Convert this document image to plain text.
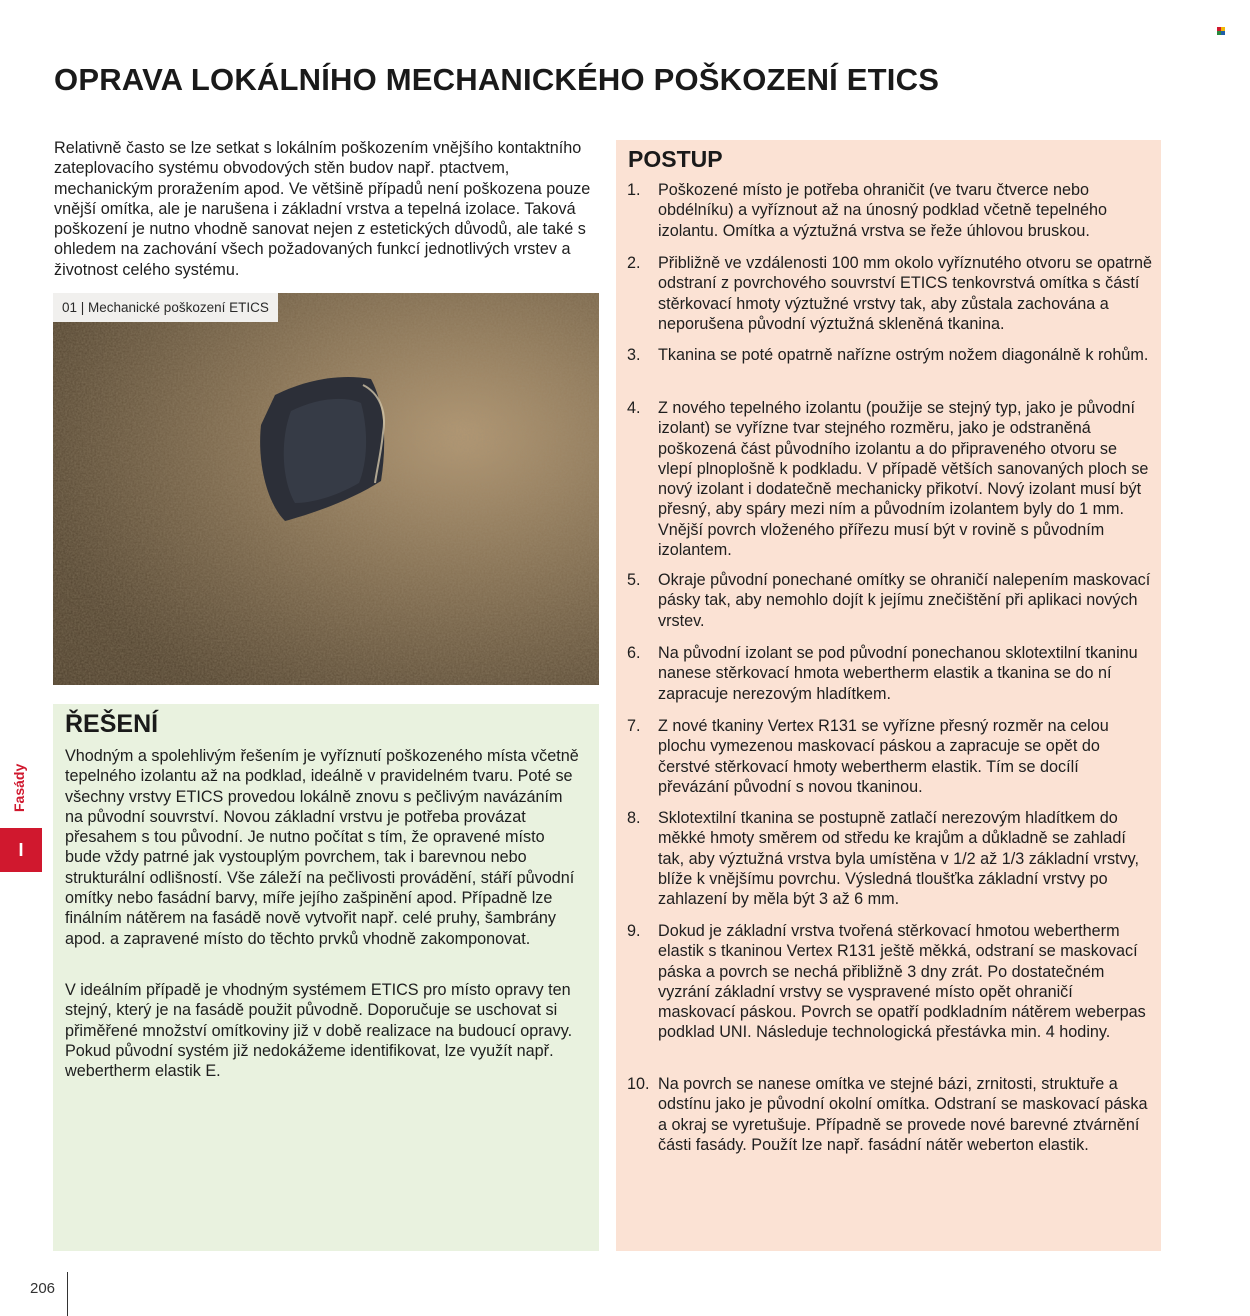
OPRAVA LOKÁLNÍHO MECHANICKÉHO POŠKOZENÍ ETICS

Relativně často se lze setkat s lokálním poškozením vnějšího kontaktního zateplovacího systému obvodových stěn budov např. ptactvem, mechanickým proražením apod. Ve většině případů není poškozena pouze vnější omítka, ale je narušena i základní vrstva a tepelná izolace. Taková poškození je nutno vhodně sanovat nejen z estetických důvodů, ale také s ohledem na zachování všech požadovaných funkcí jednotlivých vrstev a životnost celého systému.

01 | Mechanické poškození ETICS
ŘEŠENÍ

Vhodným a spolehlivým řešením je vyříznutí poškozeného místa včetně tepelného izolantu až na podklad, ideálně v pravidelném tvaru. Poté se všechny vrstvy ETICS provedou lokálně znovu s pečlivým navázáním na původní souvrství. Novou základní vrstvu je potřeba provázat přesahem s tou původní. Je nutno počítat s tím, že opravené místo bude vždy patrné jak vystouplým povrchem, tak i barevnou nebo strukturální odlišností. Vše záleží na pečlivosti provádění, stáří původní omítky nebo fasádní barvy, míře jejího zašpinění apod. Případně lze finálním nátěrem na fasádě nově vytvořit např. celé pruhy, šambrány apod. a zapravené místo do těchto prvků vhodně zakomponovat.

V ideálním případě je vhodným systémem ETICS pro místo opravy ten stejný, který je na fasádě použit původně. Doporučuje se uschovat si přiměřené množství omítkoviny již v době realizace na budoucí opravy. Pokud původní systém již nedokážeme identifikovat, lze využít např. webertherm elastik E.

POSTUP
1. Poškozené místo je potřeba ohraničit (ve tvaru čtverce nebo obdélníku) a vyříznout až na únosný podklad včetně tepelného izolantu. Omítka a výztužná vrstva se řeže úhlovou bruskou.
2. Přibližně ve vzdálenosti 100 mm okolo vyříznutého otvoru se opatrně odstraní z povrchového souvrství ETICS tenkovrstvá omítka s částí stěrkovací hmoty výztužné vrstvy tak, aby zůstala zachována a neporušena původní výztužná skleněná tkanina.
3. Tkanina se poté opatrně nařízne ostrým nožem diagonálně k rohům.
4. Z nového tepelného izolantu (použije se stejný typ, jako je původní izolant) se vyřízne tvar stejného rozměru, jako je odstraněná poškozená část původního izolantu a do připraveného otvoru se vlepí plnoplošně k podkladu. V případě větších sanovaných ploch se nový izolant i dodatečně mechanicky přikotví. Nový izolant musí být přesný, aby spáry mezi ním a původním izolantem byly do 1 mm. Vnější povrch vloženého přířezu musí být v rovině s původním izolantem.
5. Okraje původní ponechané omítky se ohraničí nalepením maskovací pásky tak, aby nemohlo dojít k jejímu znečištění při aplikaci nových vrstev.
6. Na původní izolant se pod původní ponechanou sklotextilní tkaninu nanese stěrkovací hmota webertherm elastik a tkanina se do ní zapracuje nerezovým hladítkem.
7. Z nové tkaniny Vertex R131 se vyřízne přesný rozměr na celou plochu vymezenou maskovací páskou a zapracuje se opět do čerstvé stěrkovací hmoty webertherm elastik. Tím se docílí převázání původní s novou tkaninou.
8. Sklotextilní tkanina se postupně zatlačí nerezovým hladítkem do měkké hmoty směrem od středu ke krajům a důkladně se zahladí tak, aby výztužná vrstva byla umístěna v 1/2 až 1/3 základní vrstvy, blíže k vnějšímu povrchu. Výsledná tloušťka základní vrstvy po zahlazení by měla být 3 až 6 mm.
9. Dokud je základní vrstva tvořená stěrkovací hmotou webertherm elastik s tkaninou Vertex R131 ještě měkká, odstraní se maskovací páska a povrch se nechá přibližně 3 dny zrát. Po dostatečném vyzrání základní vrstvy se vyspravené místo opět ohraničí maskovací páskou. Povrch se opatří podkladním nátěrem weberpas podklad UNI. Následuje technologická přestávka min. 4 hodiny.
10. Na povrch se nanese omítka ve stejné bázi, zrnitosti, struktuře a odstínu jako je původní okolní omítka. Odstraní se maskovací páska a okraj se vyretušuje. Případně se provede nové barevné ztvárnění části fasády. Použít lze např. fasádní nátěr weberton elastik.
Fasády
I
206
